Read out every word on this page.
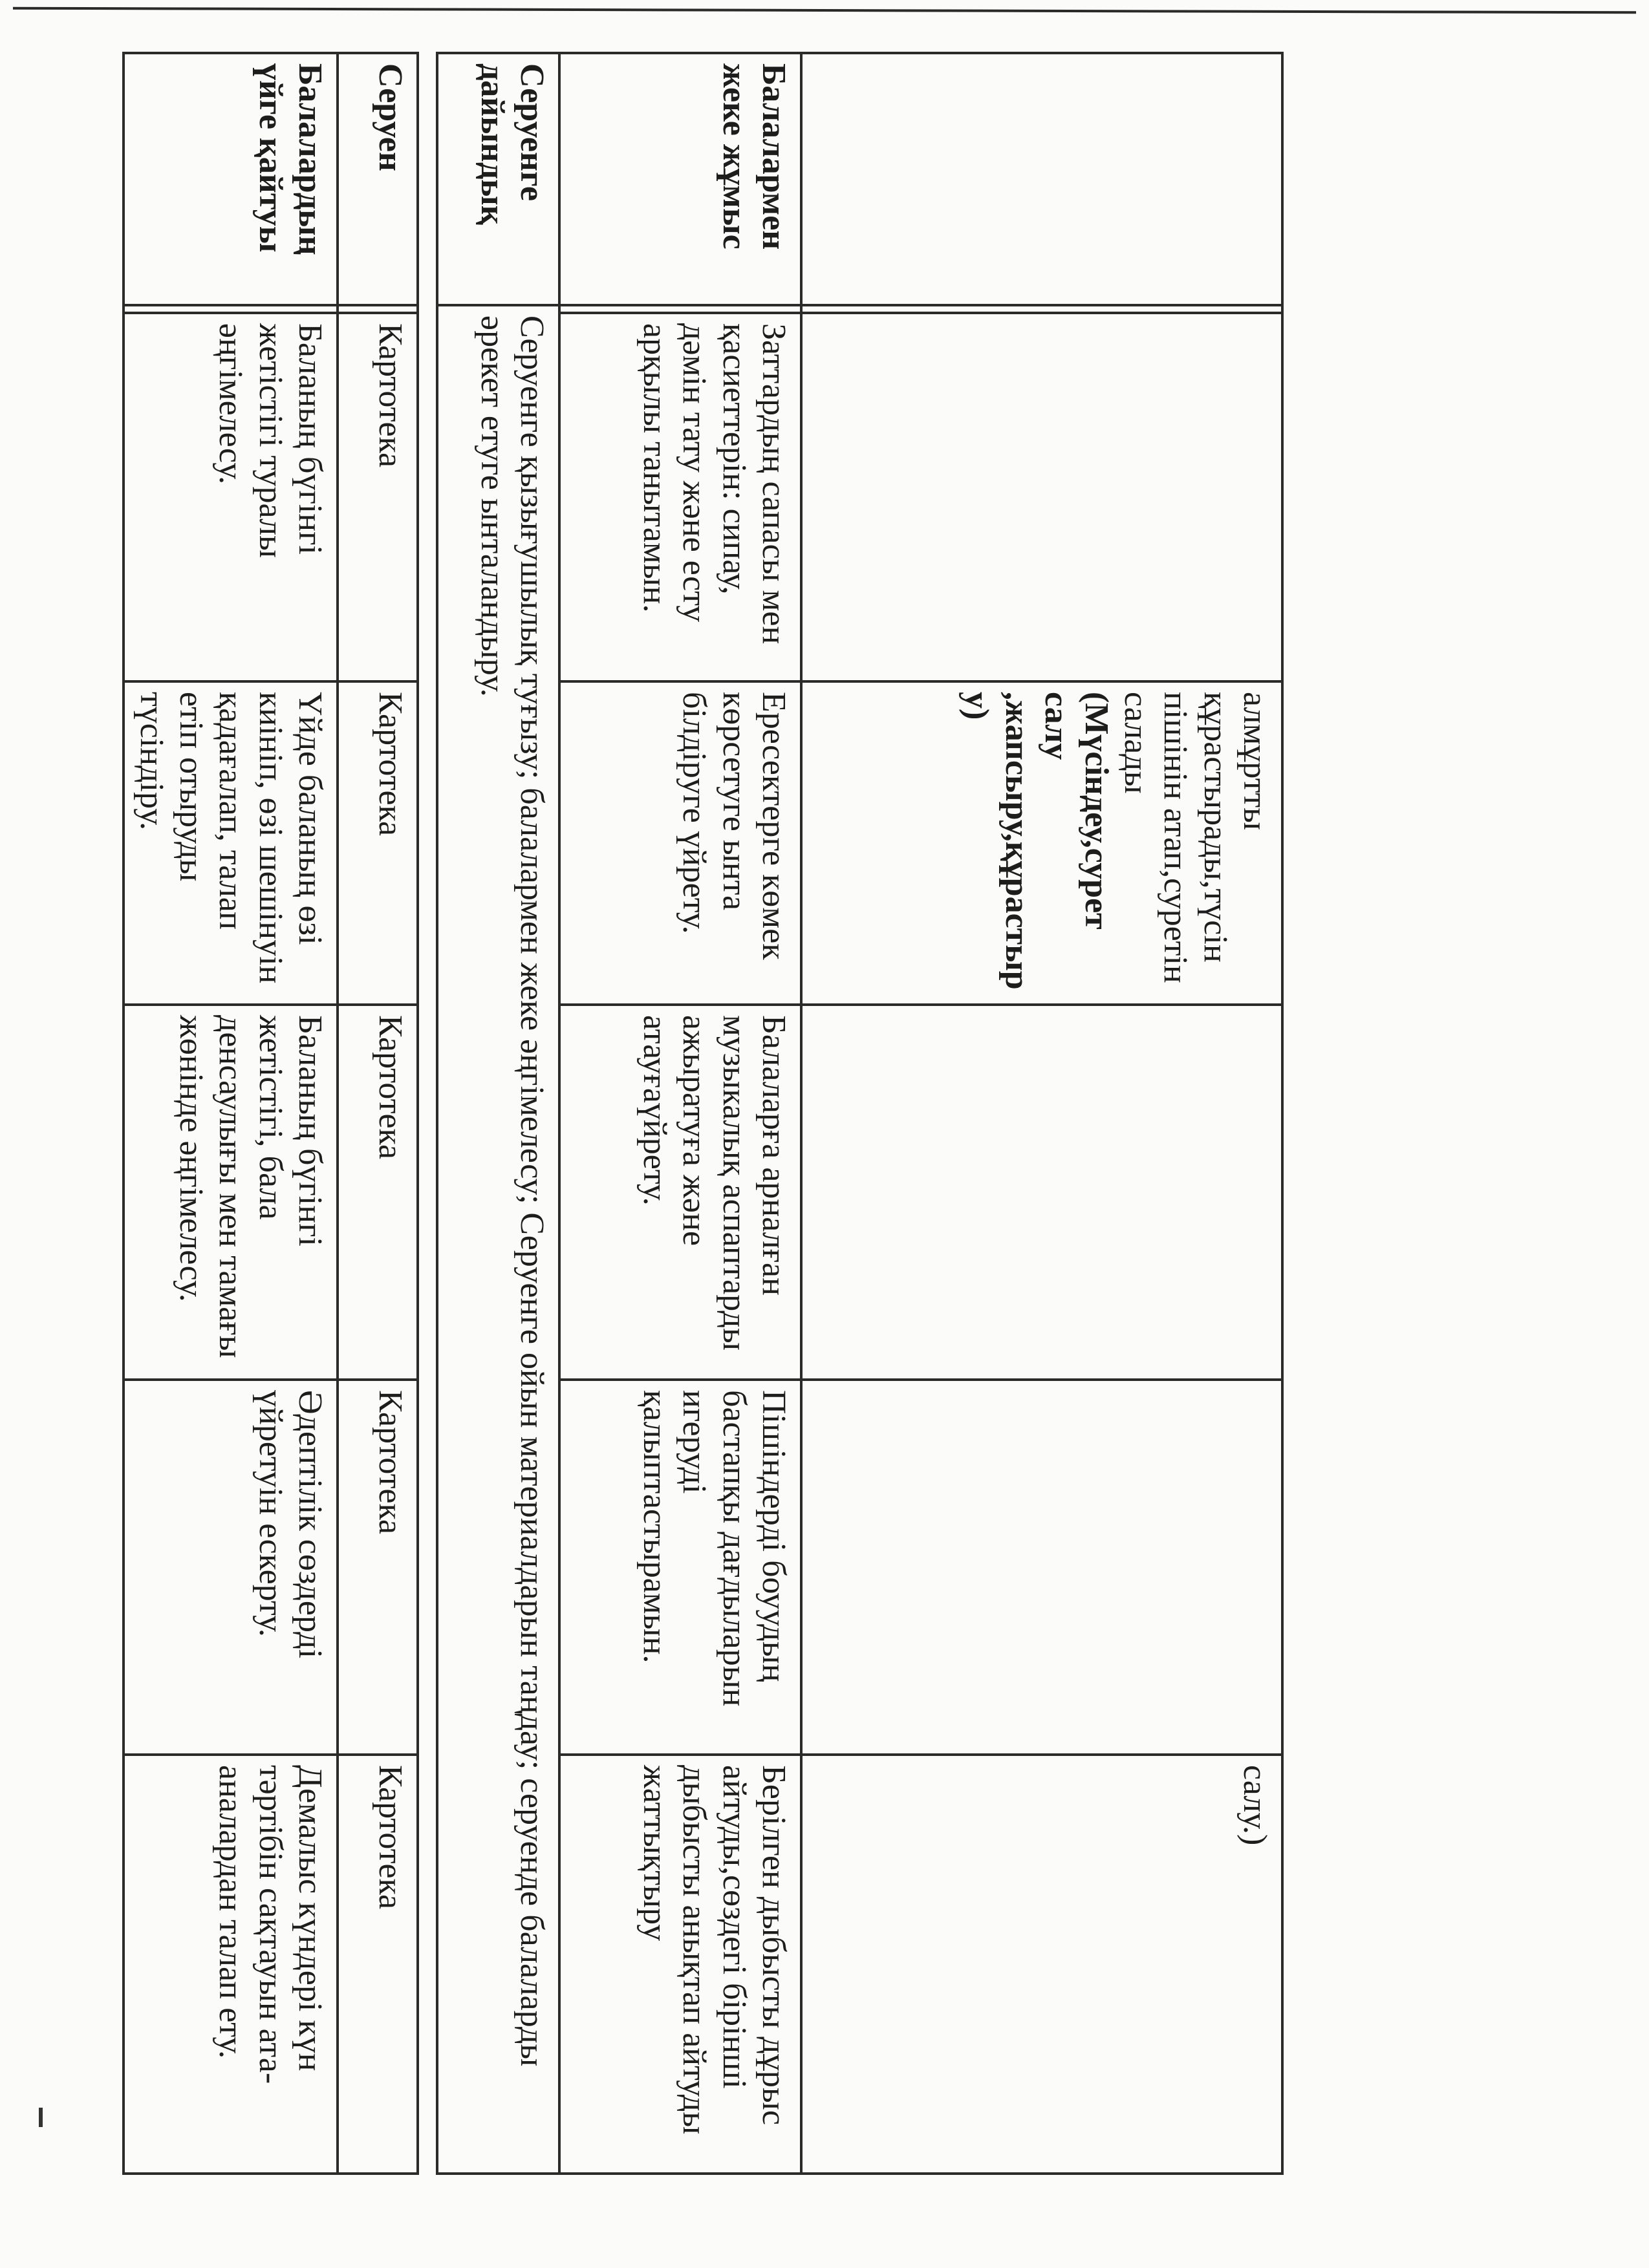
			алмұртты құрастырады,түсін пішінін атап,суретін салады (Мүсіндеу,сурет салу ,жапсыру,құрастыру)			салу.)
Балалармен жеке жұмыс		Заттардың сапасы мен қасиеттерін: сипау, дәмін тату және есту арқылы танытамын.	Ересектерге көмек көрсетуге ынта білдіруге үйрету.	Балаларға арналған музыкалық аспаптарды ажыратуға және атауғаүйрету.	Пішіндерді боуудың бастапқы дағдыларын игеруді қалыптастырамын.	Берілген дыбысты дұрыс айтуды,сөздегі бірінші дыбысты анықтап айтуды жаттықтыру
Серуенге дайындық	Серуенге қызығушылық туғызу; балалармен жеке әңгімелесу; Серуенге ойын материалдарын таңдау; серуенде балаларды әрекет етуге ынталандыру.					

Серуен		Картотека	Картотека	Картотека	Картотека	Картотека
Балалардың үйге қайтуы		Баланың бүгінгі жетістігі туралы әңгімелесу.	Үйде баланың өзі киініп, өзі шешінуін қадағалап, талап етіп отыруды түсіндіру.	Баланың бүгінгі жетістігі, бала денсаулығы мен тамағы жөнінде әңгімелесу.	Әдептілік сөздерді үйретуін ескерту.	Демалыс күндері күн тәртібін сақтауын ата-аналардан талап ету.
